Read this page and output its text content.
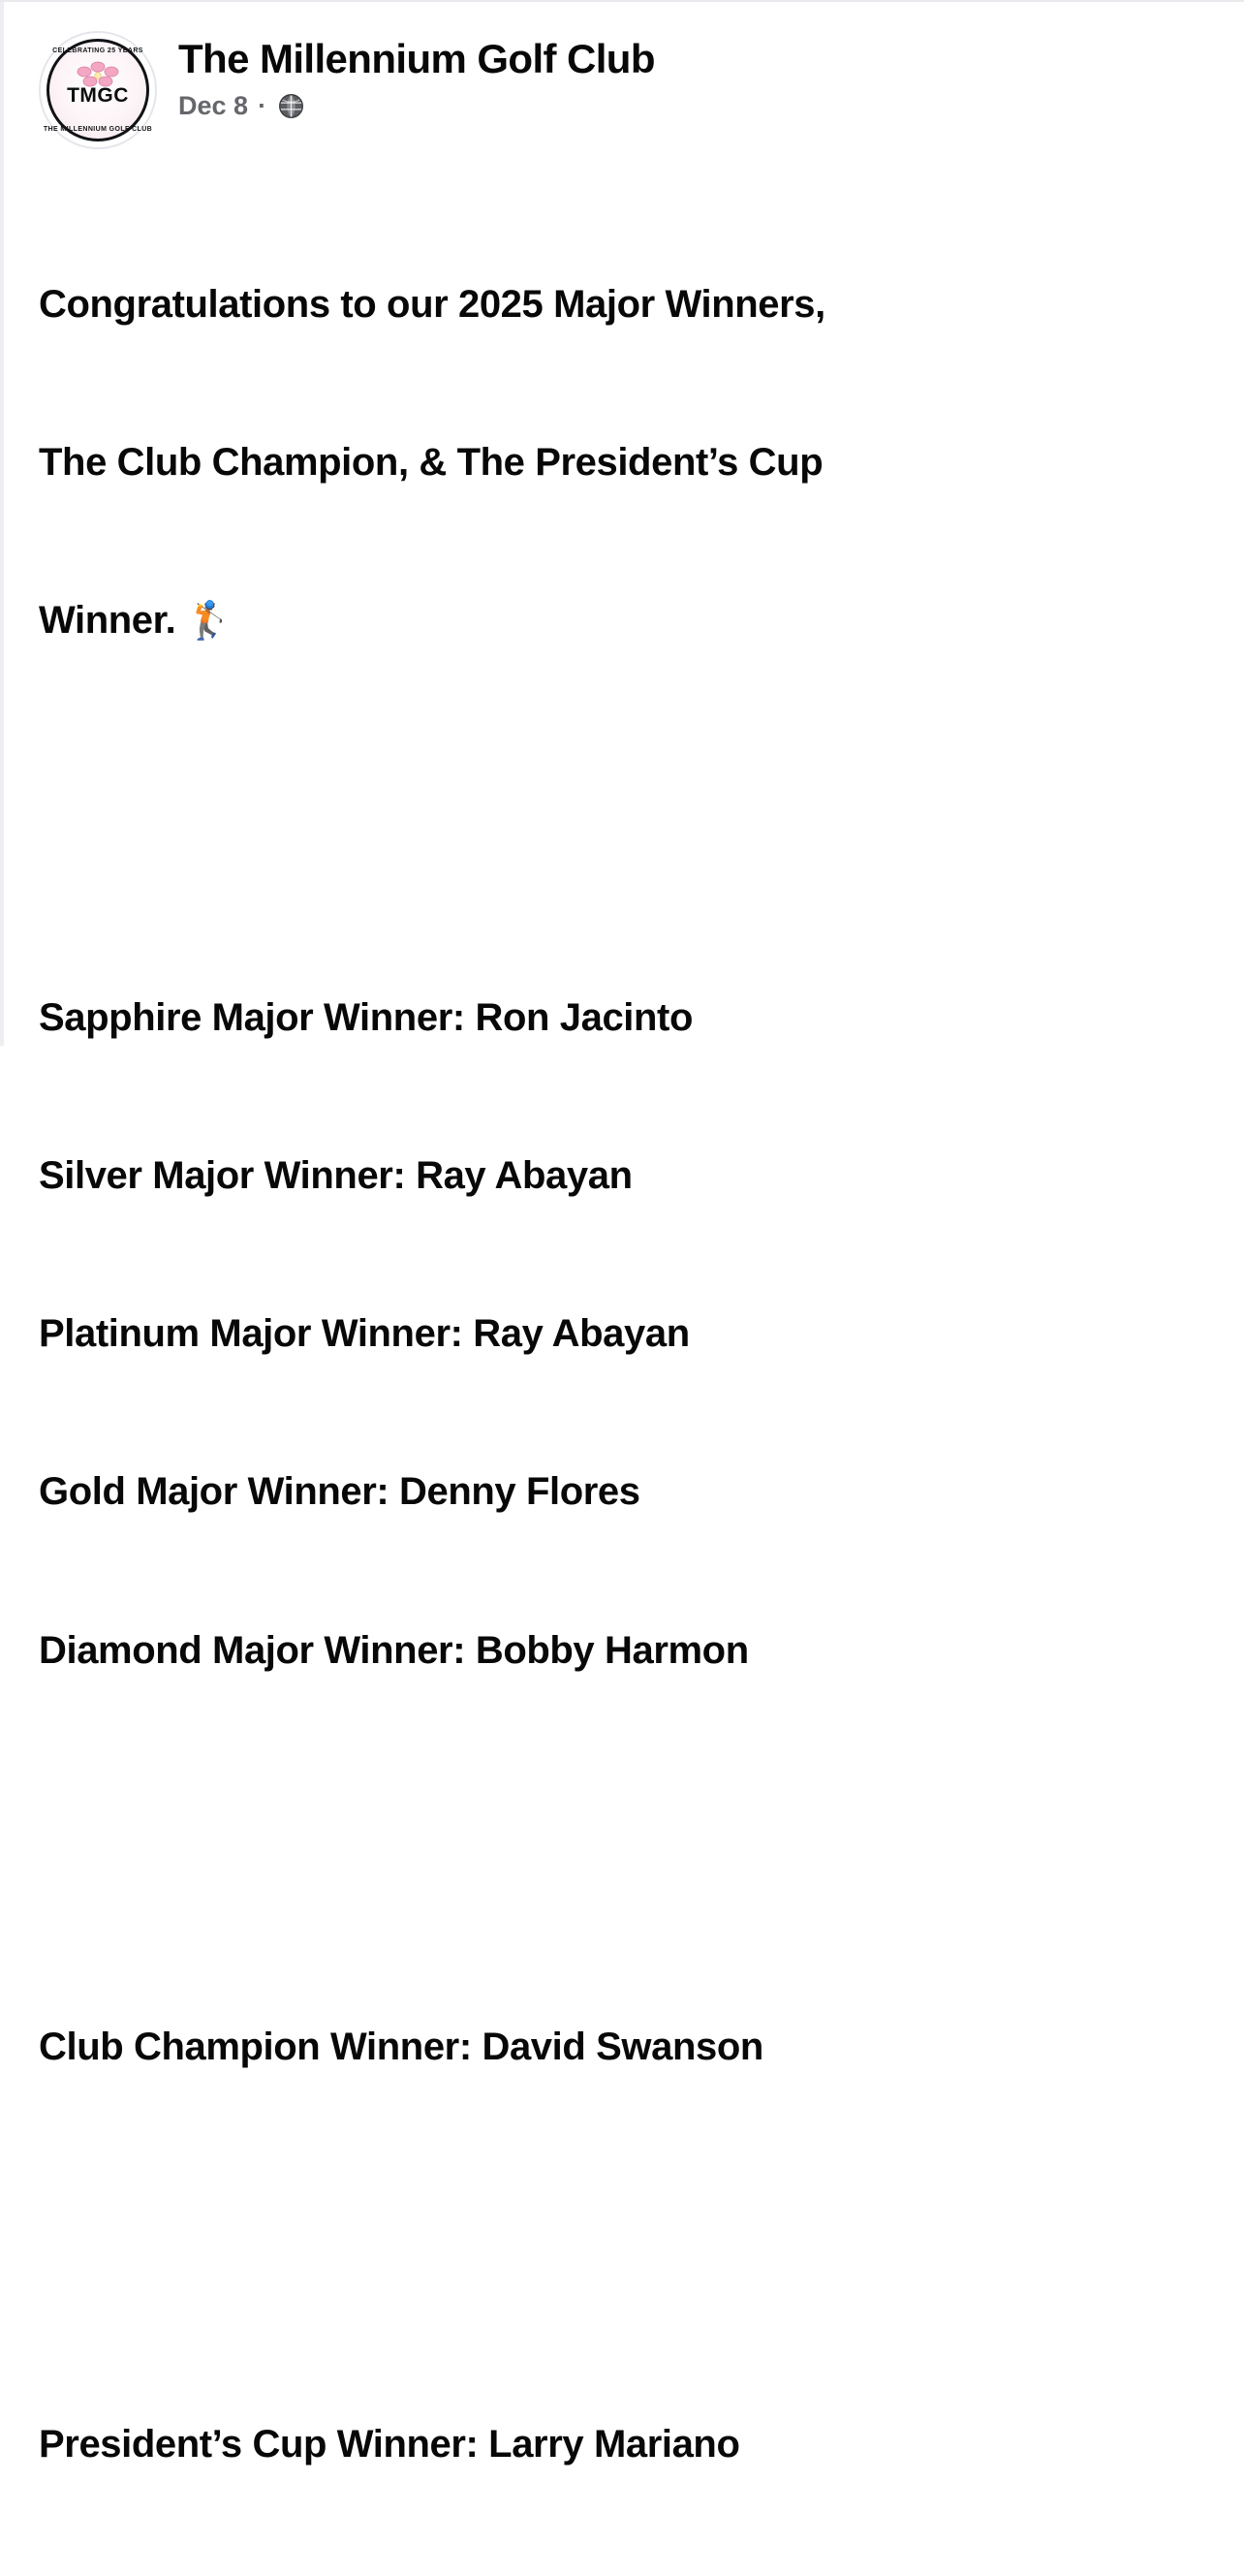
CELEBRATING 25 YEARS
TMGC
THE MILLENNIUM GOLF CLUB
The Millennium Golf Club
Dec 8 ·

Congratulations to our 2025 Major Winners,

The Club Champion, & The President’s Cup

Winner. 🏌️

Sapphire Major Winner: Ron Jacinto

Silver Major Winner: Ray Abayan

Platinum Major Winner: Ray Abayan

Gold Major Winner: Denny Flores

Diamond Major Winner: Bobby Harmon

Club Champion Winner: David Swanson

President’s Cup Winner: Larry Mariano
